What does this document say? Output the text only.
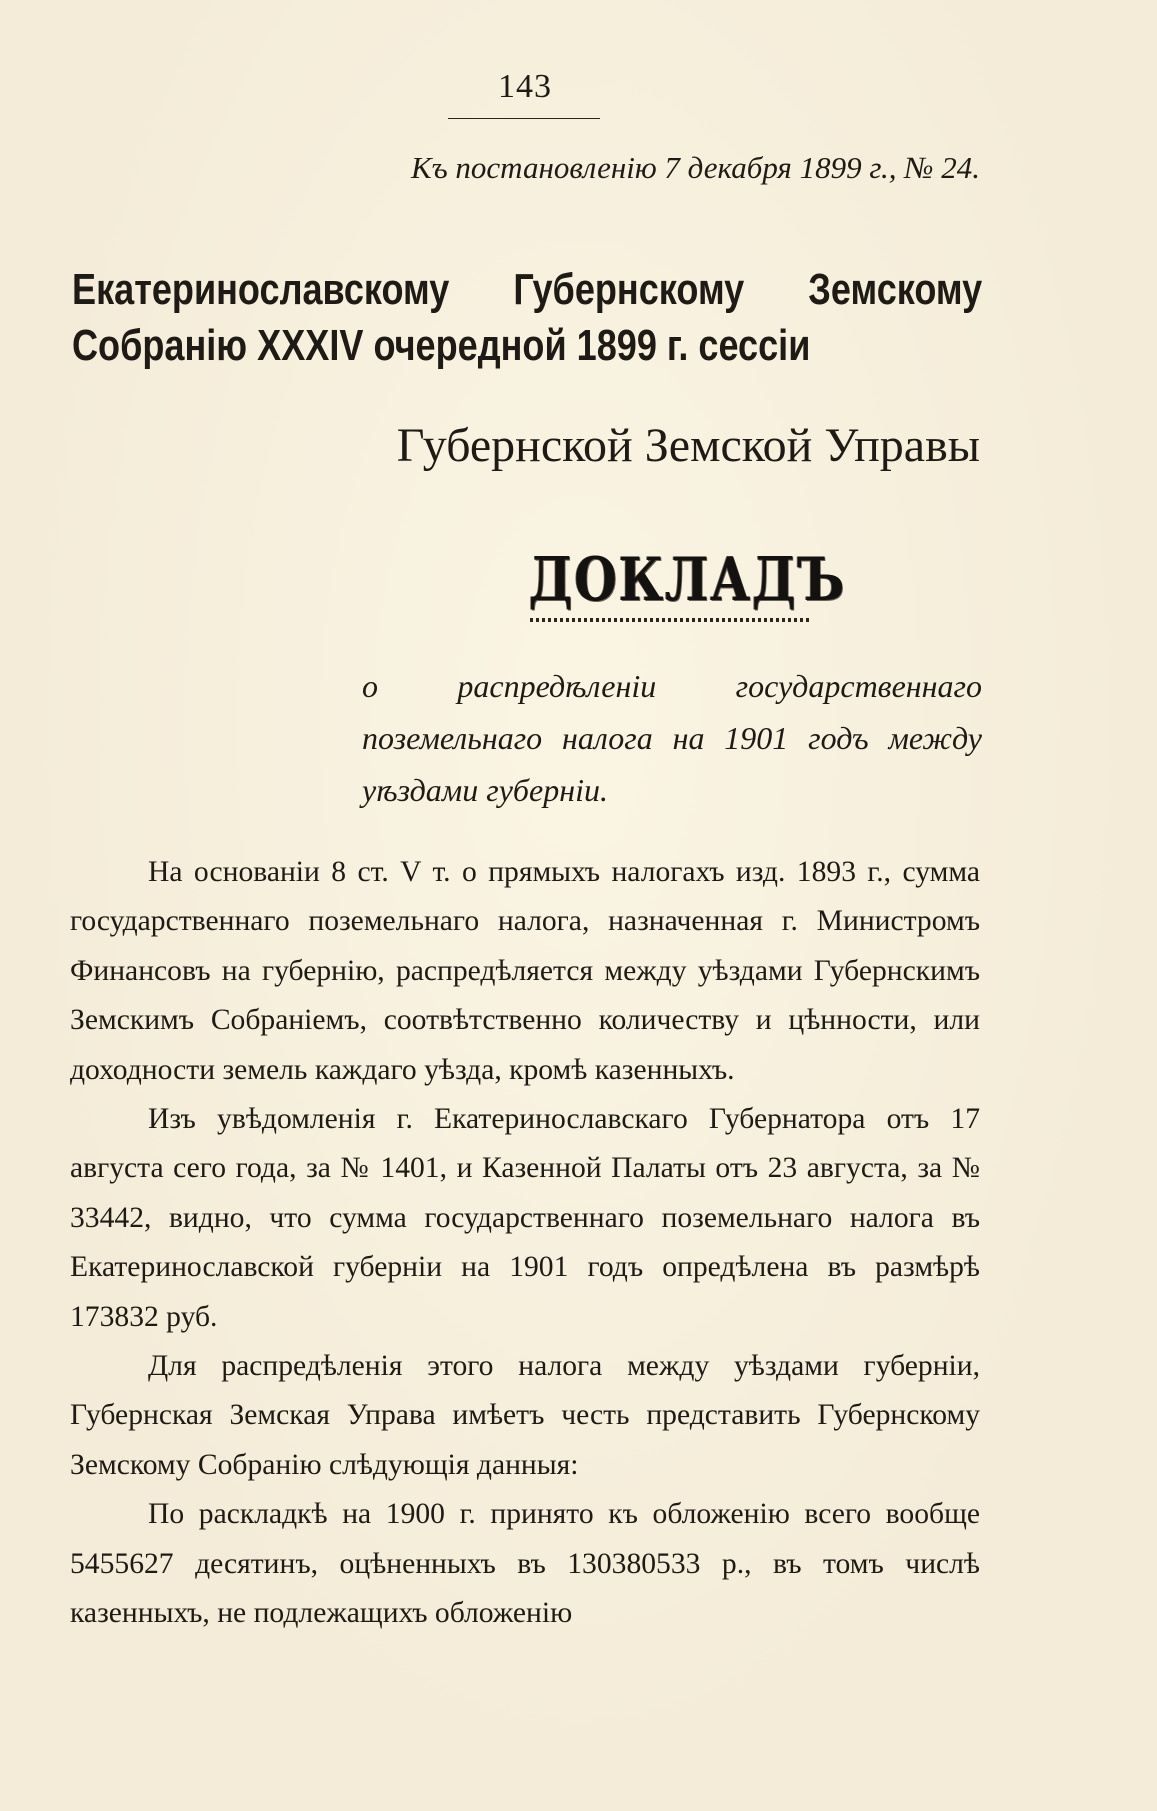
143
Къ постановленію 7 декабря 1899 г., № 24.
Екатеринославскому Губернскому Земскому Собранію XXXIV очередной 1899 г. сессіи
Губернской Земской Управы
ДОКЛАДЪ
о распредѣленіи государственнаго поземельнаго налога на 1901 годъ между уѣздами губерніи.

На основаніи 8 ст. V т. о прямыхъ налогахъ изд. 1893 г., сумма государственнаго поземельнаго налога, назначенная г. Министромъ Финансовъ на губернію, распредѣляется между уѣздами Губернскимъ Земскимъ Собраніемъ, соотвѣтственно количеству и цѣнности, или доходности земель каждаго уѣзда, кромѣ казенныхъ.

Изъ увѣдомленія г. Екатеринославскаго Губернатора отъ 17 августа сего года, за № 1401, и Казенной Палаты отъ 23 августа, за № 33442, видно, что сумма государственнаго поземельнаго налога въ Екатеринославской губерніи на 1901 годъ опредѣлена въ размѣрѣ 173832 руб.

Для распредѣленія этого налога между уѣздами губерніи, Губернская Земская Управа имѣетъ честь представить Губернскому Земскому Собранію слѣдующія данныя:

По раскладкѣ на 1900 г. принято къ обложенію всего вообще 5455627 десятинъ, оцѣненныхъ въ 130380533 р., въ томъ числѣ казенныхъ, не подлежащихъ обложенію
